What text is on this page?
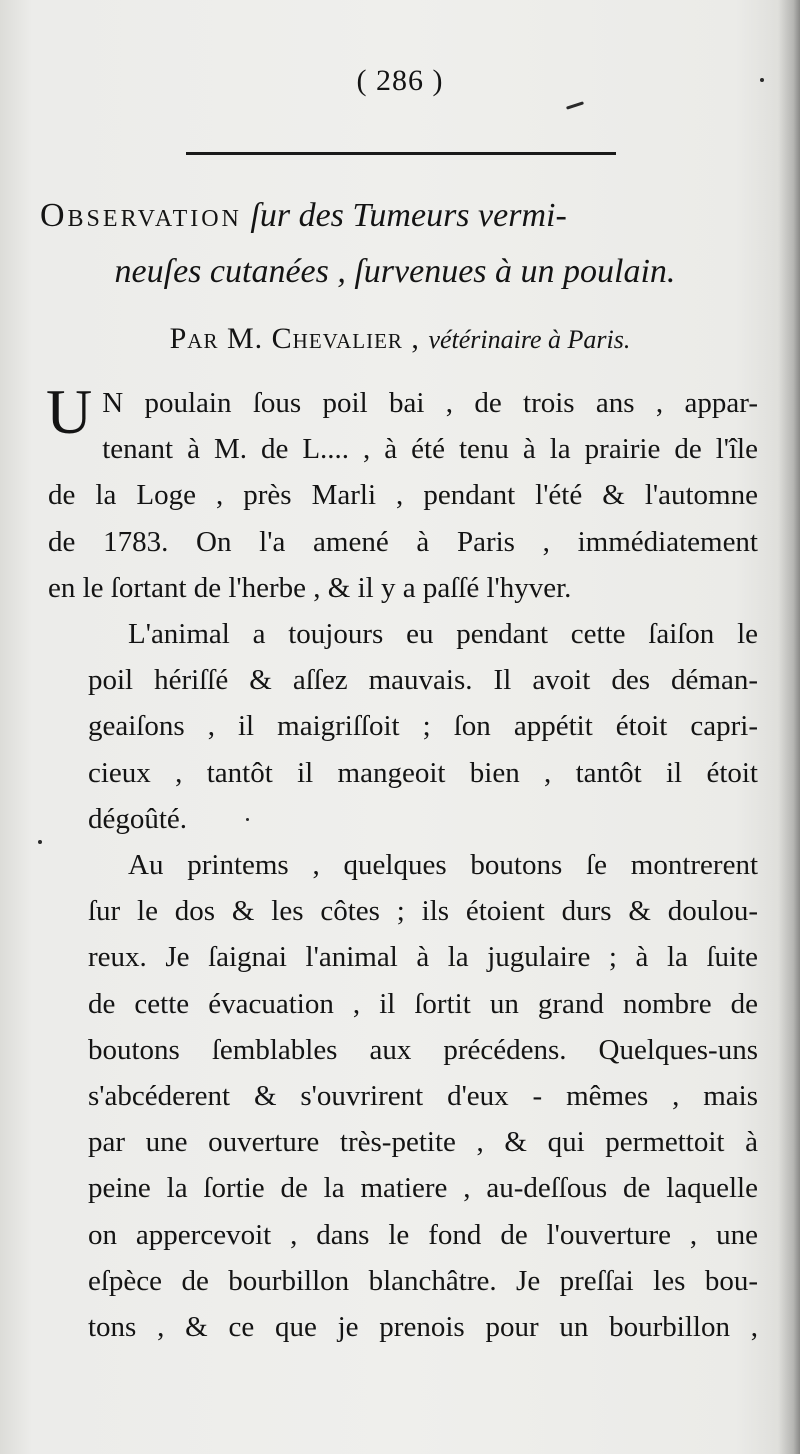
( 286 )
Observation ſur des Tumeurs vermi-
neuſes cutanées , ſurvenues à un poulain.
Par M. Chevalier , vétérinaire à Paris.

U N poulain ſous poil bai , de trois ans , appar-
tenant à M. de L.... , à été tenu à la prairie de l'île
de la Loge , près Marli , pendant l'été & l'automne
de 1783. On l'a amené à Paris , immédiatement
en le ſortant de l'herbe , & il y a paſſé l'hyver.

L'animal a toujours eu pendant cette ſaiſon le
poil hériſſé & aſſez mauvais. Il avoit des déman-
geaiſons , il maigriſſoit ; ſon appétit étoit capri-
cieux , tantôt il mangeoit bien , tantôt il étoit
dégoûté.

Au printems , quelques boutons ſe montrerent
ſur le dos & les côtes ; ils étoient durs & doulou-
reux. Je ſaignai l'animal à la jugulaire ; à la ſuite
de cette évacuation , il ſortit un grand nombre de
boutons ſemblables aux précédens. Quelques-uns
s'abcéderent & s'ouvrirent d'eux - mêmes , mais
par une ouverture très-petite , & qui permettoit à
peine la ſortie de la matiere , au-deſſous de laquelle
on appercevoit , dans le fond de l'ouverture , une
eſpèce de bourbillon blanchâtre. Je preſſai les bou-
tons , & ce que je prenois pour un bourbillon ,
